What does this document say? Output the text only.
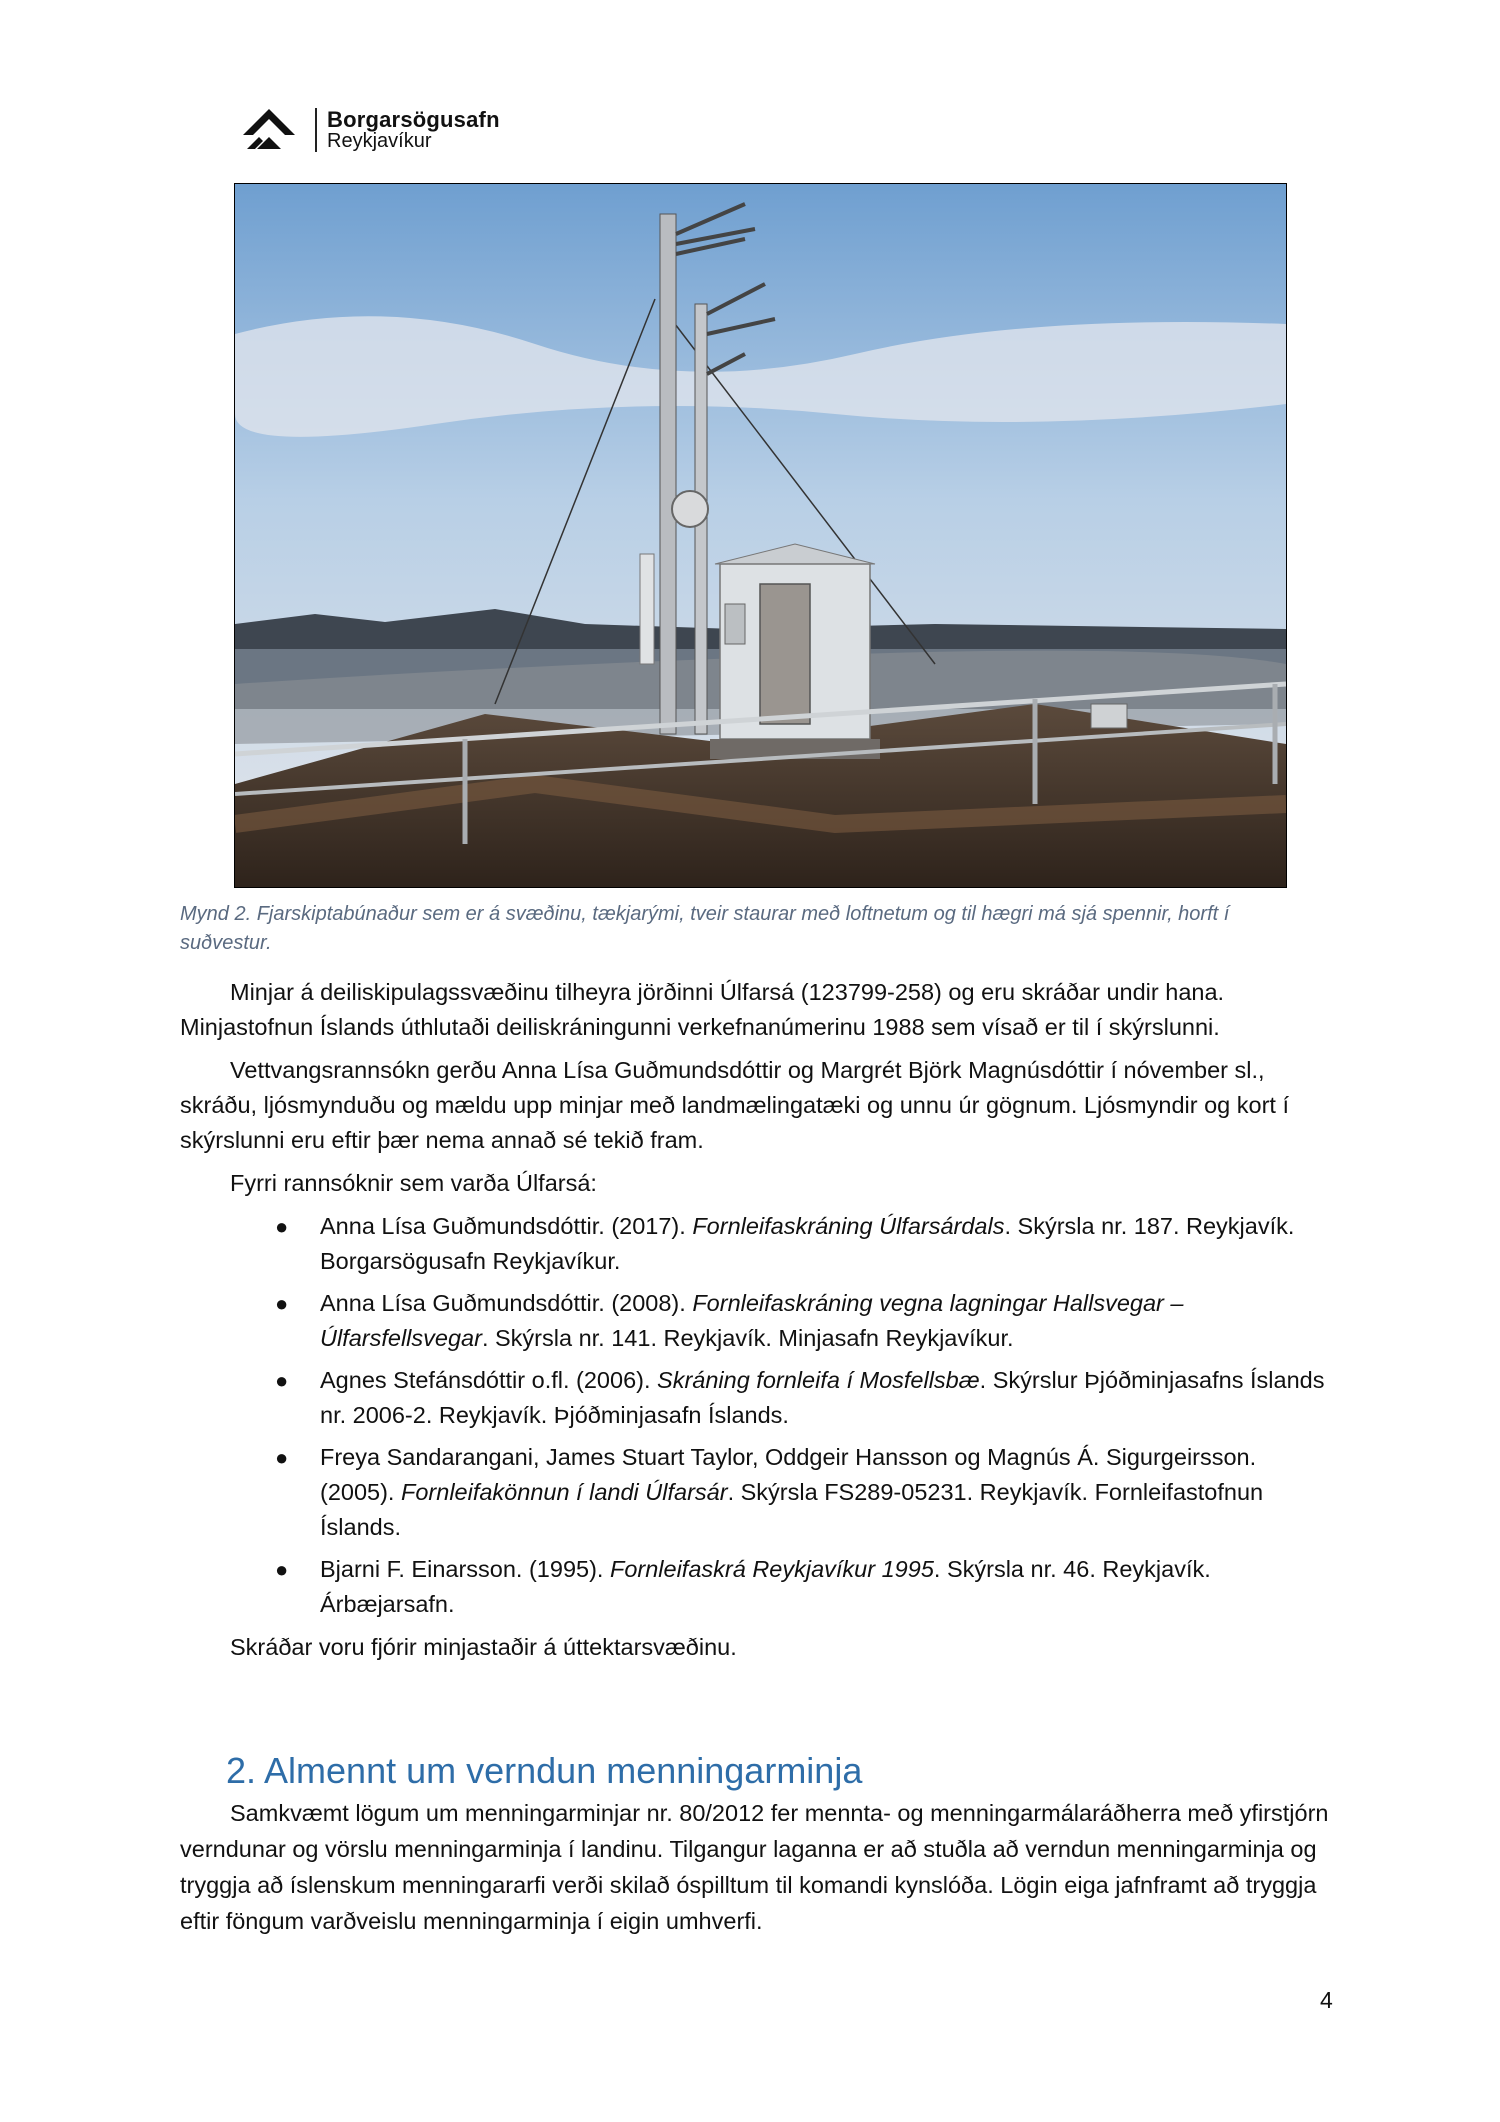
Borgarsögusafn
Reykjavíkur
Mynd 2. Fjarskiptabúnaður sem er á svæðinu, tækjarými, tveir staurar með loftnetum og til hægri má sjá spennir, horft í suðvestur.

Minjar á deiliskipulagssvæðinu tilheyra jörðinni Úlfarsá (123799-258) og eru skráðar undir hana. Minjastofnun Íslands úthlutaði deiliskráningunni verkefnanúmerinu 1988 sem vísað er til í skýrslunni.

Vettvangsrannsókn gerðu Anna Lísa Guðmundsdóttir og Margrét Björk Magnúsdóttir í nóvember sl., skráðu, ljósmynduðu og mældu upp minjar með landmælingatæki og unnu úr gögnum. Ljósmyndir og kort í skýrslunni eru eftir þær nema annað sé tekið fram.

Fyrri rannsóknir sem varða Úlfarsá:

● Anna Lísa Guðmundsdóttir. (2017). Fornleifaskráning Úlfarsárdals. Skýrsla nr. 187. Reykjavík. Borgarsögusafn Reykjavíkur.
● Anna Lísa Guðmundsdóttir. (2008). Fornleifaskráning vegna lagningar Hallsvegar – Úlfarsfellsvegar. Skýrsla nr. 141. Reykjavík. Minjasafn Reykjavíkur.
● Agnes Stefánsdóttir o.fl. (2006). Skráning fornleifa í Mosfellsbæ. Skýrslur Þjóðminjasafns Íslands nr. 2006-2. Reykjavík. Þjóðminjasafn Íslands.
● Freya Sandarangani, James Stuart Taylor, Oddgeir Hansson og Magnús Á. Sigurgeirsson. (2005). Fornleifakönnun í landi Úlfarsár. Skýrsla FS289-05231. Reykjavík. Fornleifastofnun Íslands.
● Bjarni F. Einarsson. (1995). Fornleifaskrá Reykjavíkur 1995. Skýrsla nr. 46. Reykjavík. Árbæjarsafn.

Skráðar voru fjórir minjastaðir á úttektarsvæðinu.

2. Almennt um verndun menningarminja

Samkvæmt lögum um menningarminjar nr. 80/2012 fer mennta- og menningarmálaráðherra með yfirstjórn verndunar og vörslu menningarminja í landinu. Tilgangur laganna er að stuðla að verndun menningarminja og tryggja að íslenskum menningararfi verði skilað óspilltum til komandi kynslóða. Lögin eiga jafnframt að tryggja eftir föngum varðveislu menningarminja í eigin umhverfi.

4
